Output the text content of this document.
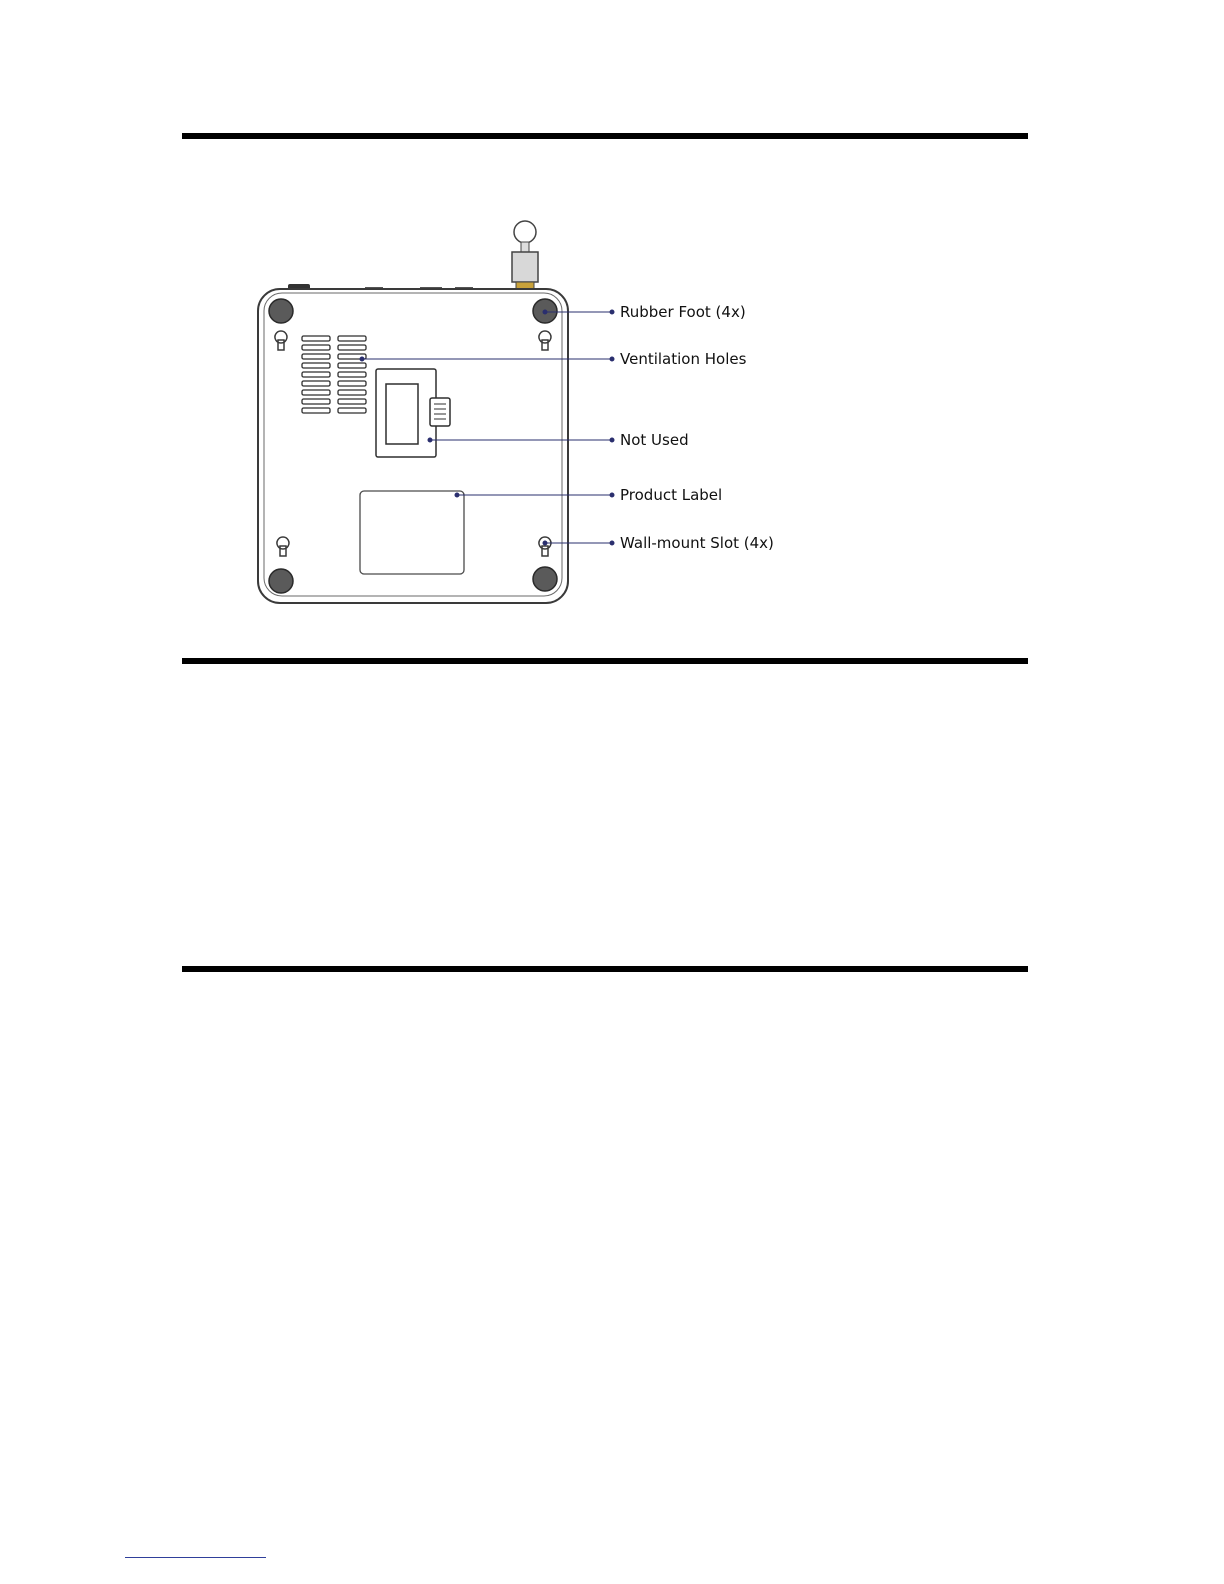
Rubber Foot (4x)
Ventilation Holes
Not Used
Product Label
Wall-mount Slot (4x)
